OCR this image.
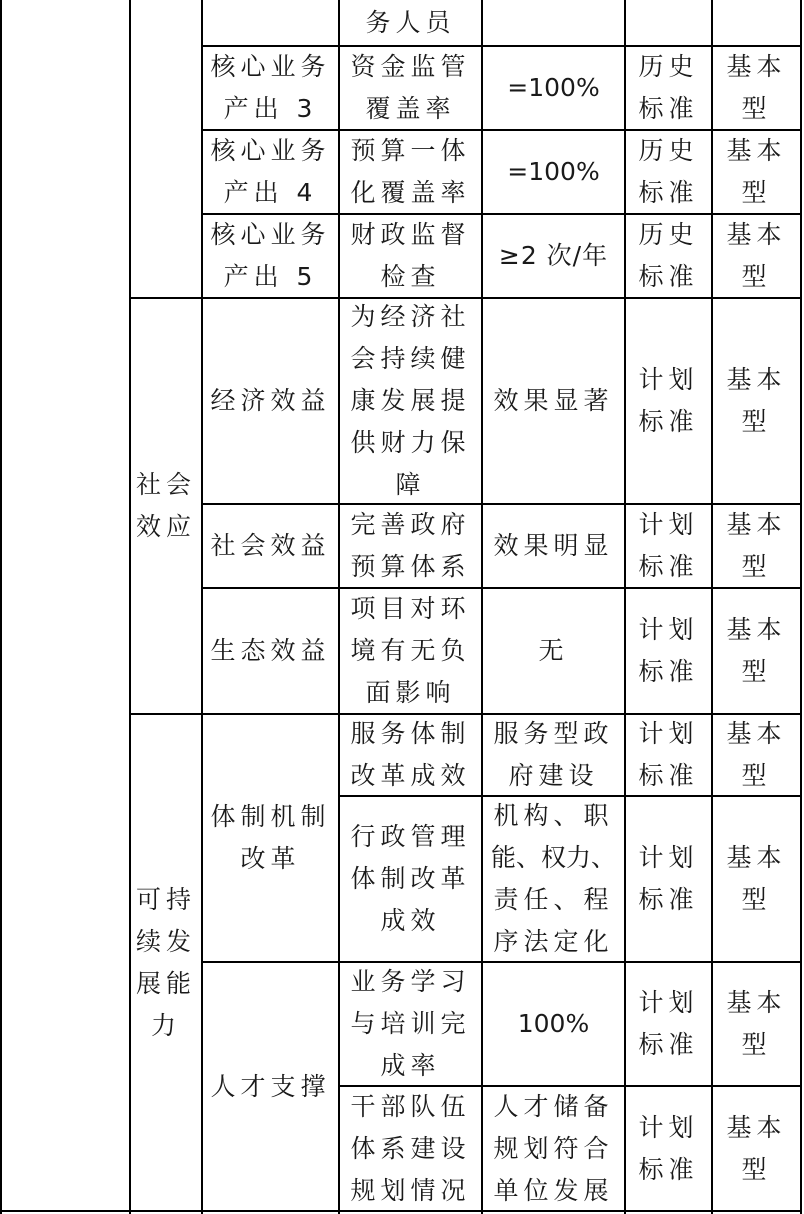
务人员
核心业务
产出 3
资金监管
覆盖率
=100%
历史
标准
基本
型
核心业务
产出 4
预算一体
化覆盖率
=100%
历史
标准
基本
型
核心业务
产出 5
财政监督
检查
≥2 次/年
历史
标准
基本
型
社会
效应
经济效益
为经济社
会持续健
康发展提
供财力保
障
效果显著
计划
标准
基本
型
社会效益
完善政府
预算体系
效果明显
计划
标准
基本
型
生态效益
项目对环
境有无负
面影响
无
计划
标准
基本
型
可持
续发
展能
力
体制机制
改革
服务体制
改革成效
服务型政
府建设
计划
标准
基本
型
行政管理
体制改革
成效
机构、职
能、权力、
责任、程
序法定化
计划
标准
基本
型
人才支撑
业务学习
与培训完
成率
100%
计划
标准
基本
型
干部队伍
体系建设
规划情况
人才储备
规划符合
单位发展
计划
标准
基本
型
